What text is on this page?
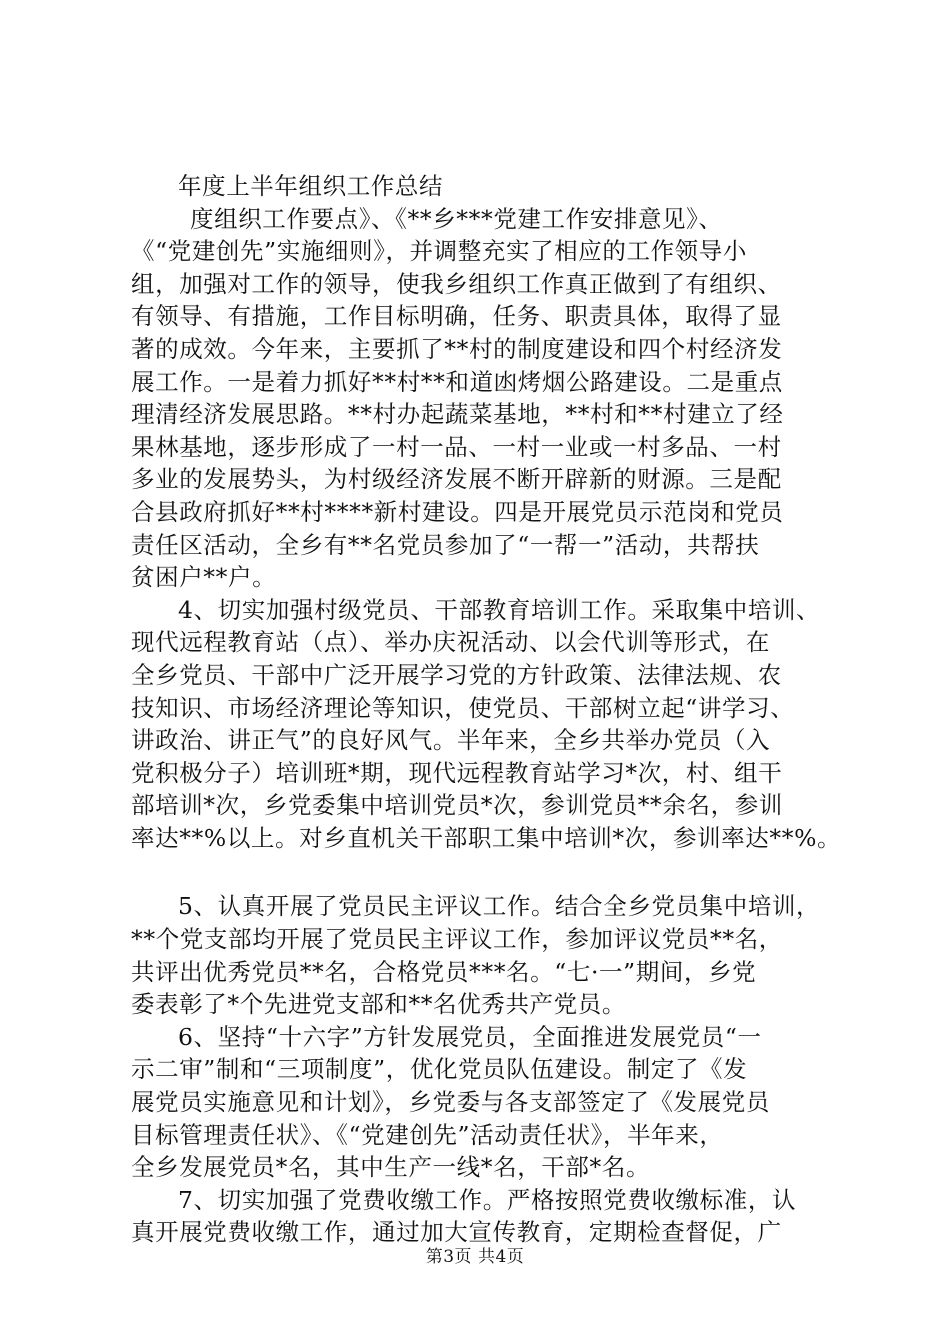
年度上半年组织工作总结
度组织工作要点》、《**乡***党建工作安排意见》、
《“党建创先”实施细则》，并调整充实了相应的工作领导小
组，加强对工作的领导，使我乡组织工作真正做到了有组织、
有领导、有措施，工作目标明确，任务、职责具体，取得了显
著的成效。今年来，主要抓了**村的制度建设和四个村经济发
展工作。一是着力抓好**村**和道凼烤烟公路建设。二是重点
理清经济发展思路。**村办起蔬菜基地，**村和**村建立了经
果林基地，逐步形成了一村一品、一村一业或一村多品、一村
多业的发展势头，为村级经济发展不断开辟新的财源。三是配
合县政府抓好**村****新村建设。四是开展党员示范岗和党员
责任区活动，全乡有**名党员参加了“一帮一”活动，共帮扶
贫困户**户。
4、切实加强村级党员、干部教育培训工作。采取集中培训、
现代远程教育站（点）、举办庆祝活动、以会代训等形式，在
全乡党员、干部中广泛开展学习党的方针政策、法律法规、农
技知识、市场经济理论等知识，使党员、干部树立起“讲学习、
讲政治、讲正气”的良好风气。半年来，全乡共举办党员（入
党积极分子）培训班*期，现代远程教育站学习*次，村、组干
部培训*次，乡党委集中培训党员*次，参训党员**余名，参训
率达**%以上。对乡直机关干部职工集中培训*次，参训率达**%。
5、认真开展了党员民主评议工作。结合全乡党员集中培训，
**个党支部均开展了党员民主评议工作，参加评议党员**名，
共评出优秀党员**名，合格党员***名。“七·一”期间，乡党
委表彰了*个先进党支部和**名优秀共产党员。
6、坚持“十六字”方针发展党员，全面推进发展党员“一
示二审”制和“三项制度”，优化党员队伍建设。制定了《发
展党员实施意见和计划》，乡党委与各支部签定了《发展党员
目标管理责任状》、《“党建创先”活动责任状》，半年来，
全乡发展党员*名，其中生产一线*名，干部*名。
7、切实加强了党费收缴工作。严格按照党费收缴标准，认
真开展党费收缴工作，通过加大宣传教育，定期检查督促，广
第3页 共4页
